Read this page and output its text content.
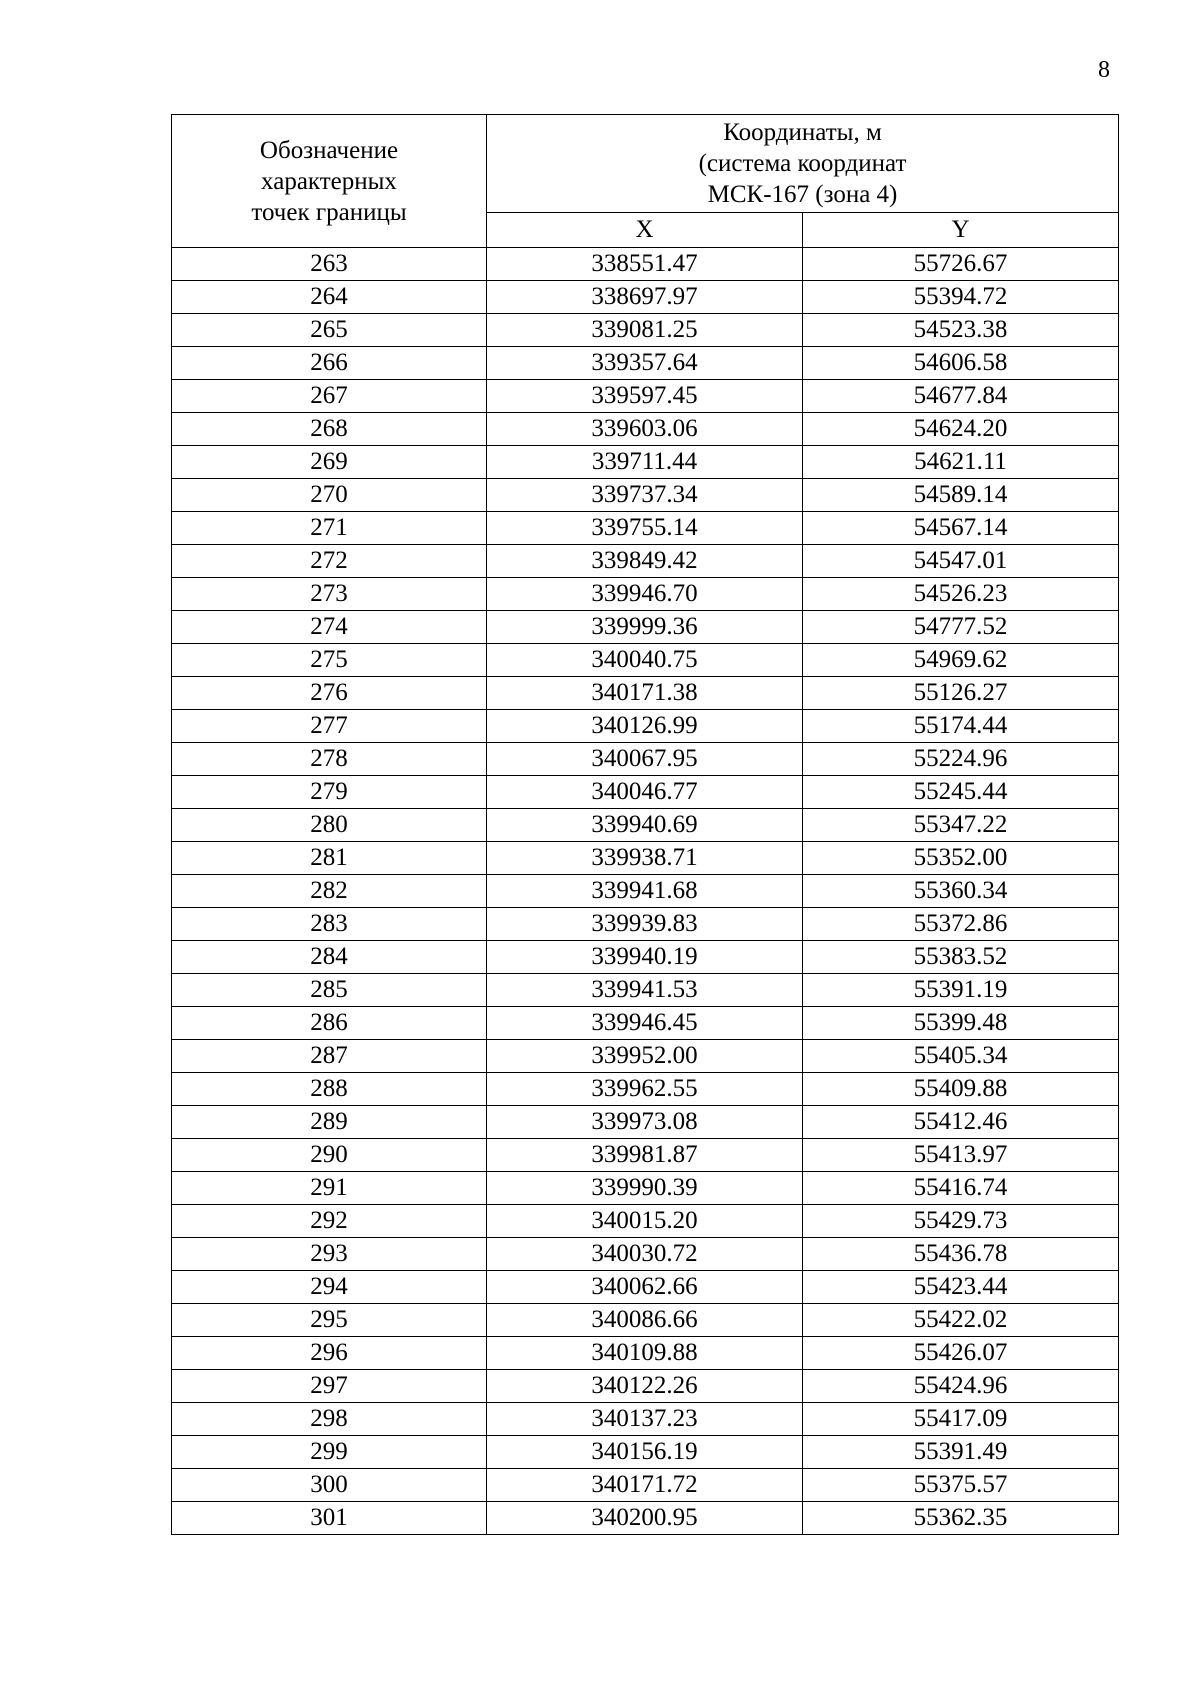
8
Обозначение
характерных
точек границы	Координаты, м
(система координат
МСК-167 (зона 4)	

	X	Y
263	338551.47	55726.67
264	338697.97	55394.72
265	339081.25	54523.38
266	339357.64	54606.58
267	339597.45	54677.84
268	339603.06	54624.20
269	339711.44	54621.11
270	339737.34	54589.14
271	339755.14	54567.14
272	339849.42	54547.01
273	339946.70	54526.23
274	339999.36	54777.52
275	340040.75	54969.62
276	340171.38	55126.27
277	340126.99	55174.44
278	340067.95	55224.96
279	340046.77	55245.44
280	339940.69	55347.22
281	339938.71	55352.00
282	339941.68	55360.34
283	339939.83	55372.86
284	339940.19	55383.52
285	339941.53	55391.19
286	339946.45	55399.48
287	339952.00	55405.34
288	339962.55	55409.88
289	339973.08	55412.46
290	339981.87	55413.97
291	339990.39	55416.74
292	340015.20	55429.73
293	340030.72	55436.78
294	340062.66	55423.44
295	340086.66	55422.02
296	340109.88	55426.07
297	340122.26	55424.96
298	340137.23	55417.09
299	340156.19	55391.49
300	340171.72	55375.57
301	340200.95	55362.35
